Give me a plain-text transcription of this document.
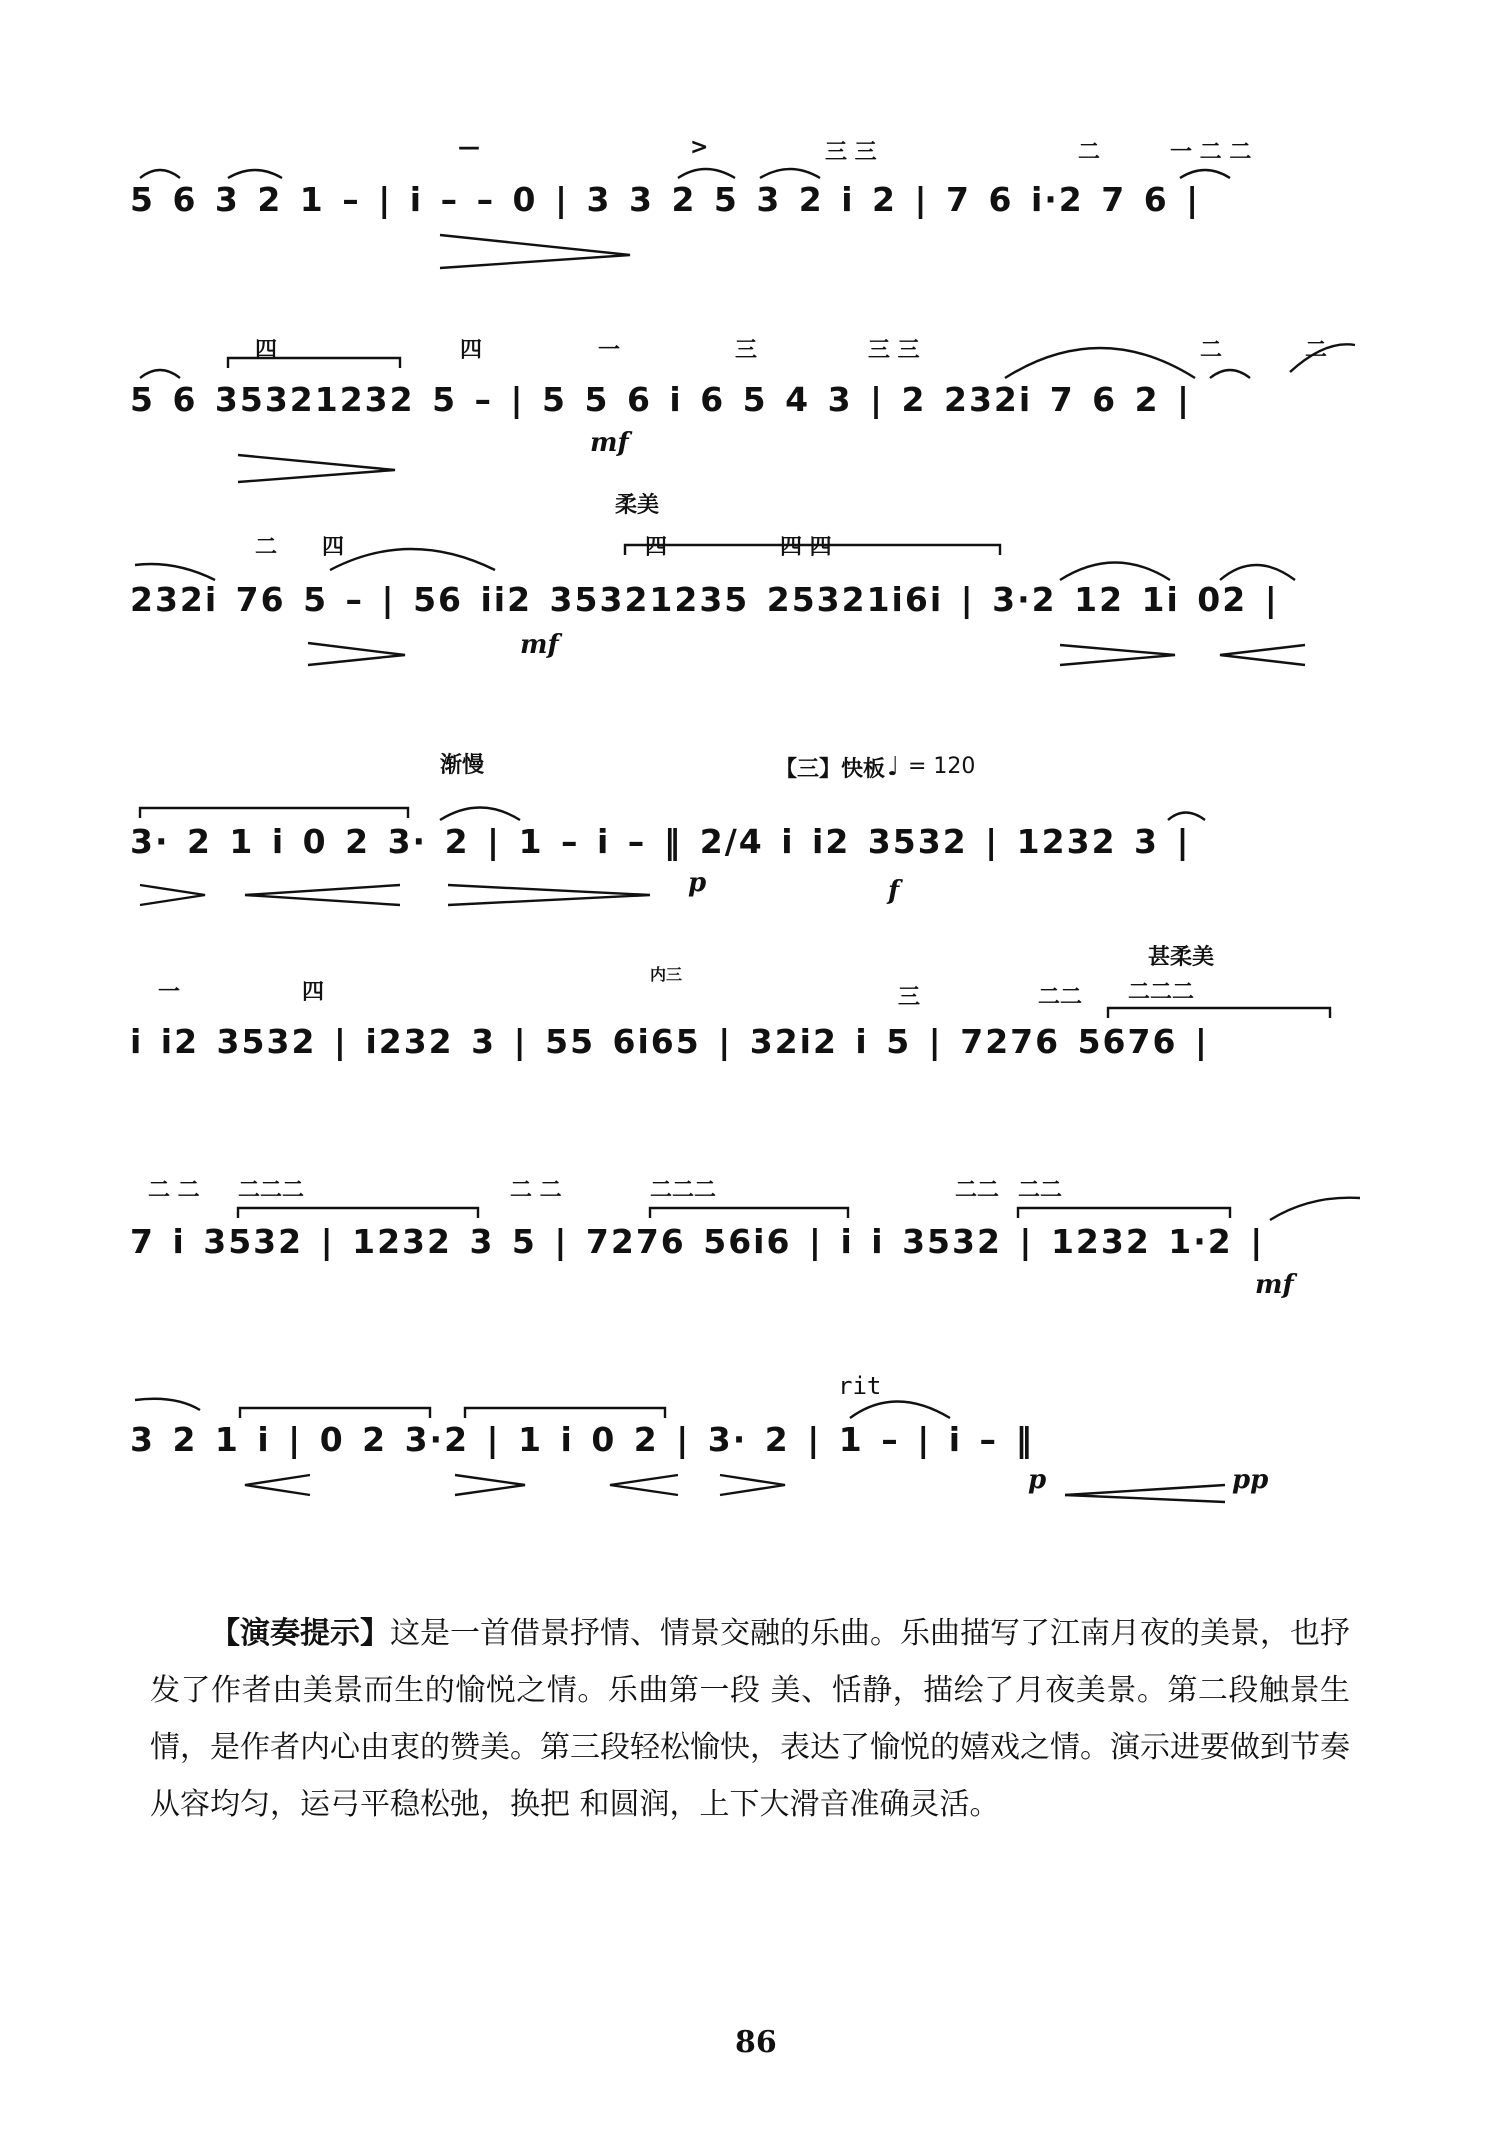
5 6 3 2 1 – | i – – 0 | 3 3 2 5 3 2 i 2 | 7 6 i·2 7 6 |
—	>	三 三	二	一 二 二
5 6 35321232 5 – | 5 5 6 i 6 5 4 3 | 2 232i 7 6 2 |
四	四	一	三	三 三	二	二
mf
柔美
232i 76 5 – | 56 ii2 35321235 25321i6i | 3·2 12 1i 02 |
二 四	四	四 四
mf
渐慢	【三】快板 ♩ = 120
3· 2 1 i 0 2 3· 2 | 1 – i – ‖ 2/4 i i2 3532 | 1232 3 |
p	f
甚柔美
i i2 3532 | i232 3 | 55 6i65 | 32i2 i 5 | 7276 5676 |
一	四
内三
三	二二 二二二
7 i 3532 | 1232 3 5 | 7276 56i6 | i i 3532 | 1232 1·2 |
二 二 二二二	二 二	二二二	二二 二二
mf
rit
3 2 1 i | 0 2 3·2 | 1 i 0 2 | 3· 2 | 1 – | i – ‖
p	pp
【演奏提示】这是一首借景抒情、情景交融的乐曲。乐曲描写了江南月夜的美景，也抒发了作者由美景而生的愉悦之情。乐曲第一段 美、恬静，描绘了月夜美景。第二段触景生情，是作者内心由衷的赞美。第三段轻松愉快，表达了愉悦的嬉戏之情。演示进要做到节奏从容均匀，运弓平稳松弛，换把 和圆润，上下大滑音准确灵活。
86
